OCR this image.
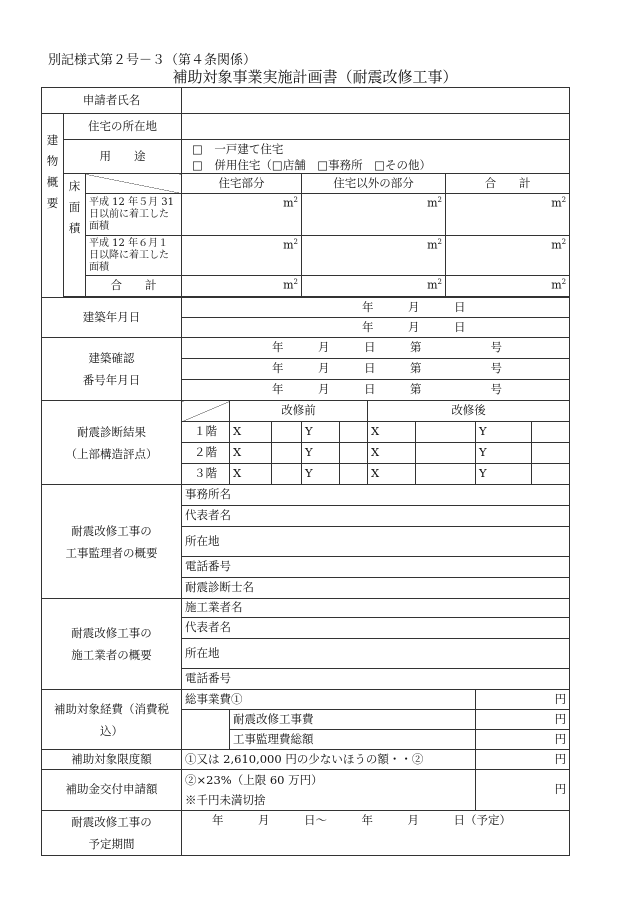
別記様式第２号－３（第４条関係）
補助対象事業実施計画書（耐震改修工事）
申請者氏名												

建
物
概
要	住宅の所在地											
	用　　途		□　一戸建て住宅
□　併用住宅（□店舗　□事務所　□その他）									

	床
面
積		住宅部分			住宅以外の部分				合　　計		
		平成 12 年５月 31 日以前に着工した面積	$m^2$			$m^2$				$m^2$

		平成 12 年６月１日以降に着工した面積	$m^2$			$m^2$				$m^2$

		合　　計	$m^2$			$m^2$				$m^2$

建築年月日			年　　　月　　　日									
			年　　　月　　　日									

建築確認
番号年月日			年　　　月　　　日　　　第　　　　　　号									
			年　　　月　　　日　　　第　　　　　　号									
			年　　　月　　　日　　　第　　　　　　号									

耐震診断結果
（上部構造評点）				改修前				改修後				
			１階	X		Y		X			Y	
			２階	X		Y		X			Y	
			３階	X		Y		X			Y	

耐震改修工事の
工事監理者の概要			事務所名									
			代表者名									
			所在地									
			電話番号									
			耐震診断士名									

耐震改修工事の
施工業者の概要			施工業者名									
			代表者名									
			所在地									
			電話番号									
補助対象経費（消費税込）			総事業費①								円	
				耐震改修工事費							円	
				工事監理費総額							円	
補助対象限度額			①又は 2,610,000 円の少ないほうの額・・②								円	
補助金交付申請額			②×23%（上限 60 万円）
※千円未満切捨								円	

耐震改修工事の
予定期間			年　　　月　　　日～　　　年　　　月　　　日（予定）									
